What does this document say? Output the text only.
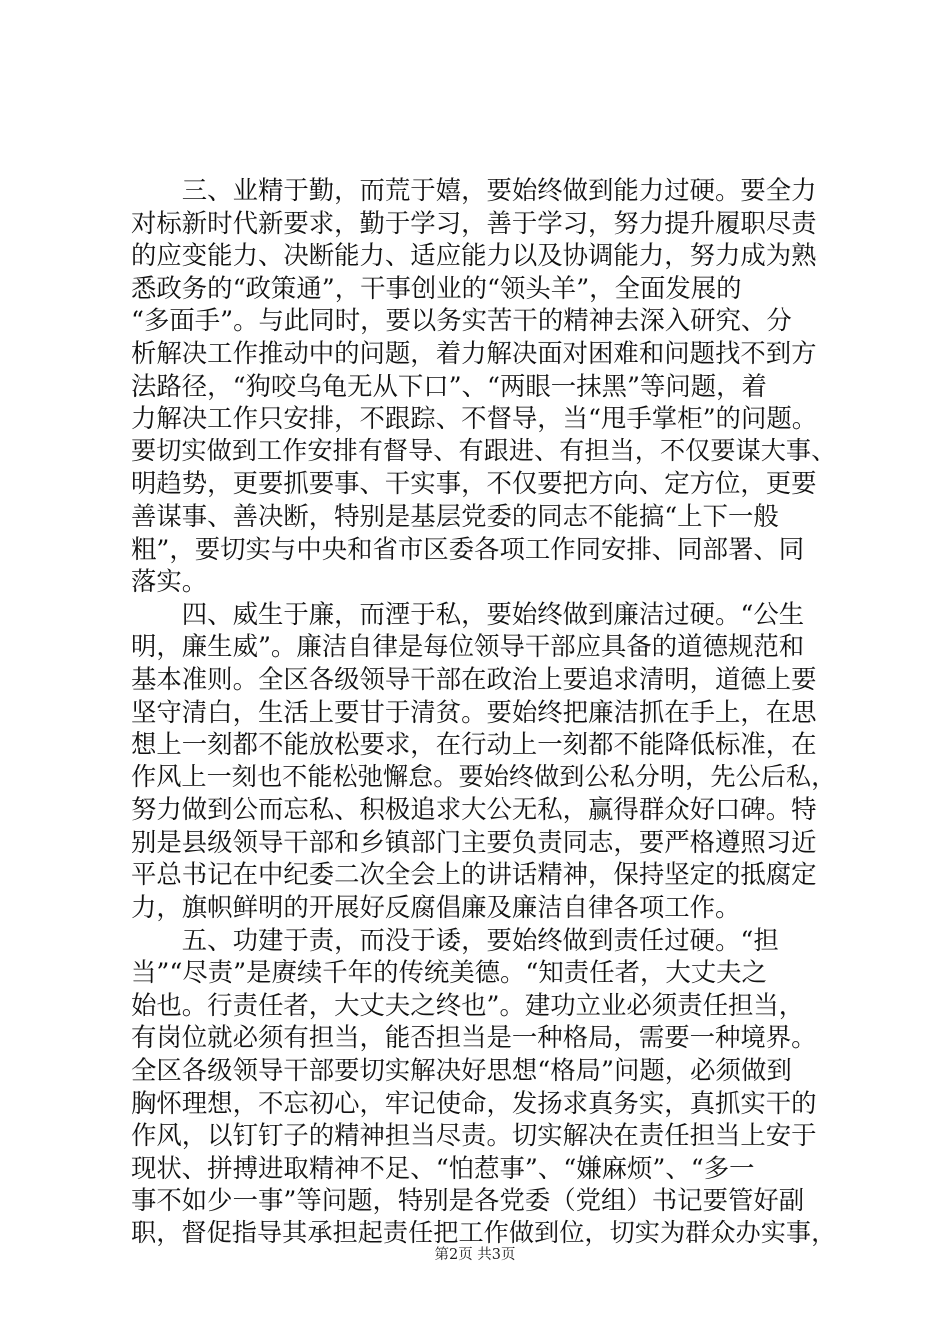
　　三、业精于勤，而荒于嬉，要始终做到能力过硬。要全力
对标新时代新要求，勤于学习，善于学习，努力提升履职尽责
的应变能力、决断能力、适应能力以及协调能力，努力成为熟
悉政务的“政策通”，干事创业的“领头羊”，全面发展的
“多面手”。与此同时，要以务实苦干的精神去深入研究、分
析解决工作推动中的问题，着力解决面对困难和问题找不到方
法路径，“狗咬乌龟无从下口”、“两眼一抹黑”等问题，着
力解决工作只安排，不跟踪、不督导，当“甩手掌柜”的问题。
要切实做到工作安排有督导、有跟进、有担当，不仅要谋大事、
明趋势，更要抓要事、干实事，不仅要把方向、定方位，更要
善谋事、善决断，特别是基层党委的同志不能搞“上下一般
粗”，要切实与中央和省市区委各项工作同安排、同部署、同
落实。
　　四、威生于廉，而湮于私，要始终做到廉洁过硬。“公生
明，廉生威”。廉洁自律是每位领导干部应具备的道德规范和
基本准则。全区各级领导干部在政治上要追求清明，道德上要
坚守清白，生活上要甘于清贫。要始终把廉洁抓在手上，在思
想上一刻都不能放松要求，在行动上一刻都不能降低标准，在
作风上一刻也不能松弛懈怠。要始终做到公私分明，先公后私，
努力做到公而忘私、积极追求大公无私，赢得群众好口碑。特
别是县级领导干部和乡镇部门主要负责同志，要严格遵照习近
平总书记在中纪委二次全会上的讲话精神，保持坚定的抵腐定
力，旗帜鲜明的开展好反腐倡廉及廉洁自律各项工作。
　　五、功建于责，而没于诿，要始终做到责任过硬。“担
当”“尽责”是赓续千年的传统美德。“知责任者，大丈夫之
始也。行责任者，大丈夫之终也”。建功立业必须责任担当，
有岗位就必须有担当，能否担当是一种格局，需要一种境界。
全区各级领导干部要切实解决好思想“格局”问题，必须做到
胸怀理想，不忘初心，牢记使命，发扬求真务实，真抓实干的
作风，以钉钉子的精神担当尽责。切实解决在责任担当上安于
现状、拼搏进取精神不足、“怕惹事”、“嫌麻烦”、“多一
事不如少一事”等问题，特别是各党委（党组）书记要管好副
职，督促指导其承担起责任把工作做到位，切实为群众办实事，
第2页 共3页
